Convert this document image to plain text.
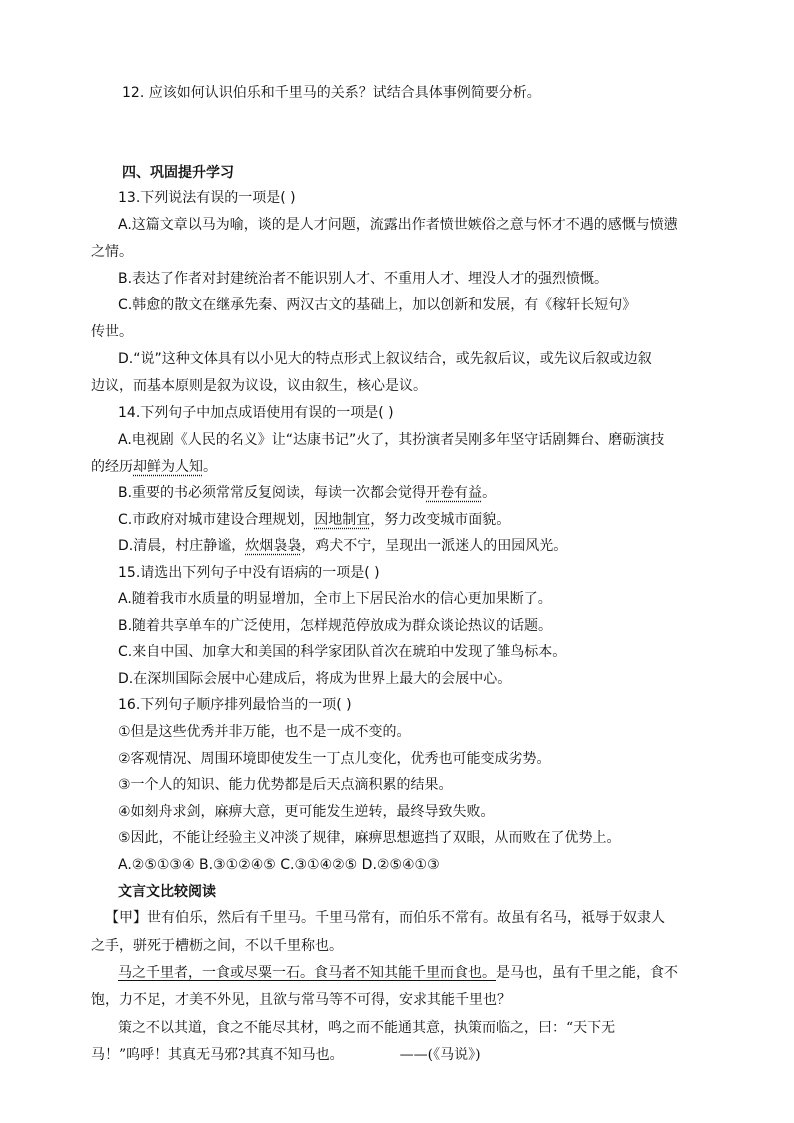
12. 应该如何认识伯乐和千里马的关系？试结合具体事例简要分析。
四、巩固提升学习
13.下列说法有误的一项是( )
A.这篇文章以马为喻，谈的是人才问题，流露出作者愤世嫉俗之意与怀才不遇的感慨与愤懑
之情。
B.表达了作者对封建统治者不能识别人才、不重用人才、埋没人才的强烈愤慨。
C.韩愈的散文在继承先秦、两汉古文的基础上，加以创新和发展，有《稼轩长短句》
传世。
D.“说”这种文体具有以小见大的特点形式上叙议结合，或先叙后议，或先议后叙或边叙
边议，而基本原则是叙为议设，议由叙生，核心是议。
14.下列句子中加点成语使用有误的一项是( )
A.电视剧《人民的名义》让“达康书记”火了，其扮演者吴刚多年坚守话剧舞台、磨砺演技
的经历却鲜为人知。
B.重要的书必须常常反复阅读，每读一次都会觉得开卷有益。
C.市政府对城市建设合理规划，因地制宜，努力改变城市面貌。
D.清晨，村庄静谧，炊烟袅袅，鸡犬不宁，呈现出一派迷人的田园风光。
15.请选出下列句子中没有语病的一项是( )
A.随着我市水质量的明显增加，全市上下居民治水的信心更加果断了。
B.随着共享单车的广泛使用，怎样规范停放成为群众谈论热议的话题。
C.来自中国、加拿大和美国的科学家团队首次在琥珀中发现了雏鸟标本。
D.在深圳国际会展中心建成后，将成为世界上最大的会展中心。
16.下列句子顺序排列最恰当的一项( )
①但是这些优秀并非万能，也不是一成不变的。
②客观情况、周围环境即使发生一丁点儿变化，优秀也可能变成劣势。
③一个人的知识、能力优势都是后天点滴积累的结果。
④如刻舟求剑，麻痹大意，更可能发生逆转，最终导致失败。
⑤因此，不能让经验主义冲淡了规律，麻痹思想遮挡了双眼，从而败在了优势上。
A.②⑤①③④ B.③①②④⑤ C.③①④②⑤ D.②⑤④①③
文言文比较阅读
【甲】世有伯乐，然后有千里马。千里马常有，而伯乐不常有。故虽有名马，祗辱于奴隶人
之手，骈死于槽枥之间，不以千里称也。
马之千里者，一食或尽粟一石。食马者不知其能千里而食也。是马也，虽有千里之能，食不
饱，力不足，才美不外见，且欲与常马等不可得，安求其能千里也？
策之不以其道，食之不能尽其材，鸣之而不能通其意，执策而临之，曰：“天下无
马！”呜呼！其真无马邪?其真不知马也。	——(《马说》)
